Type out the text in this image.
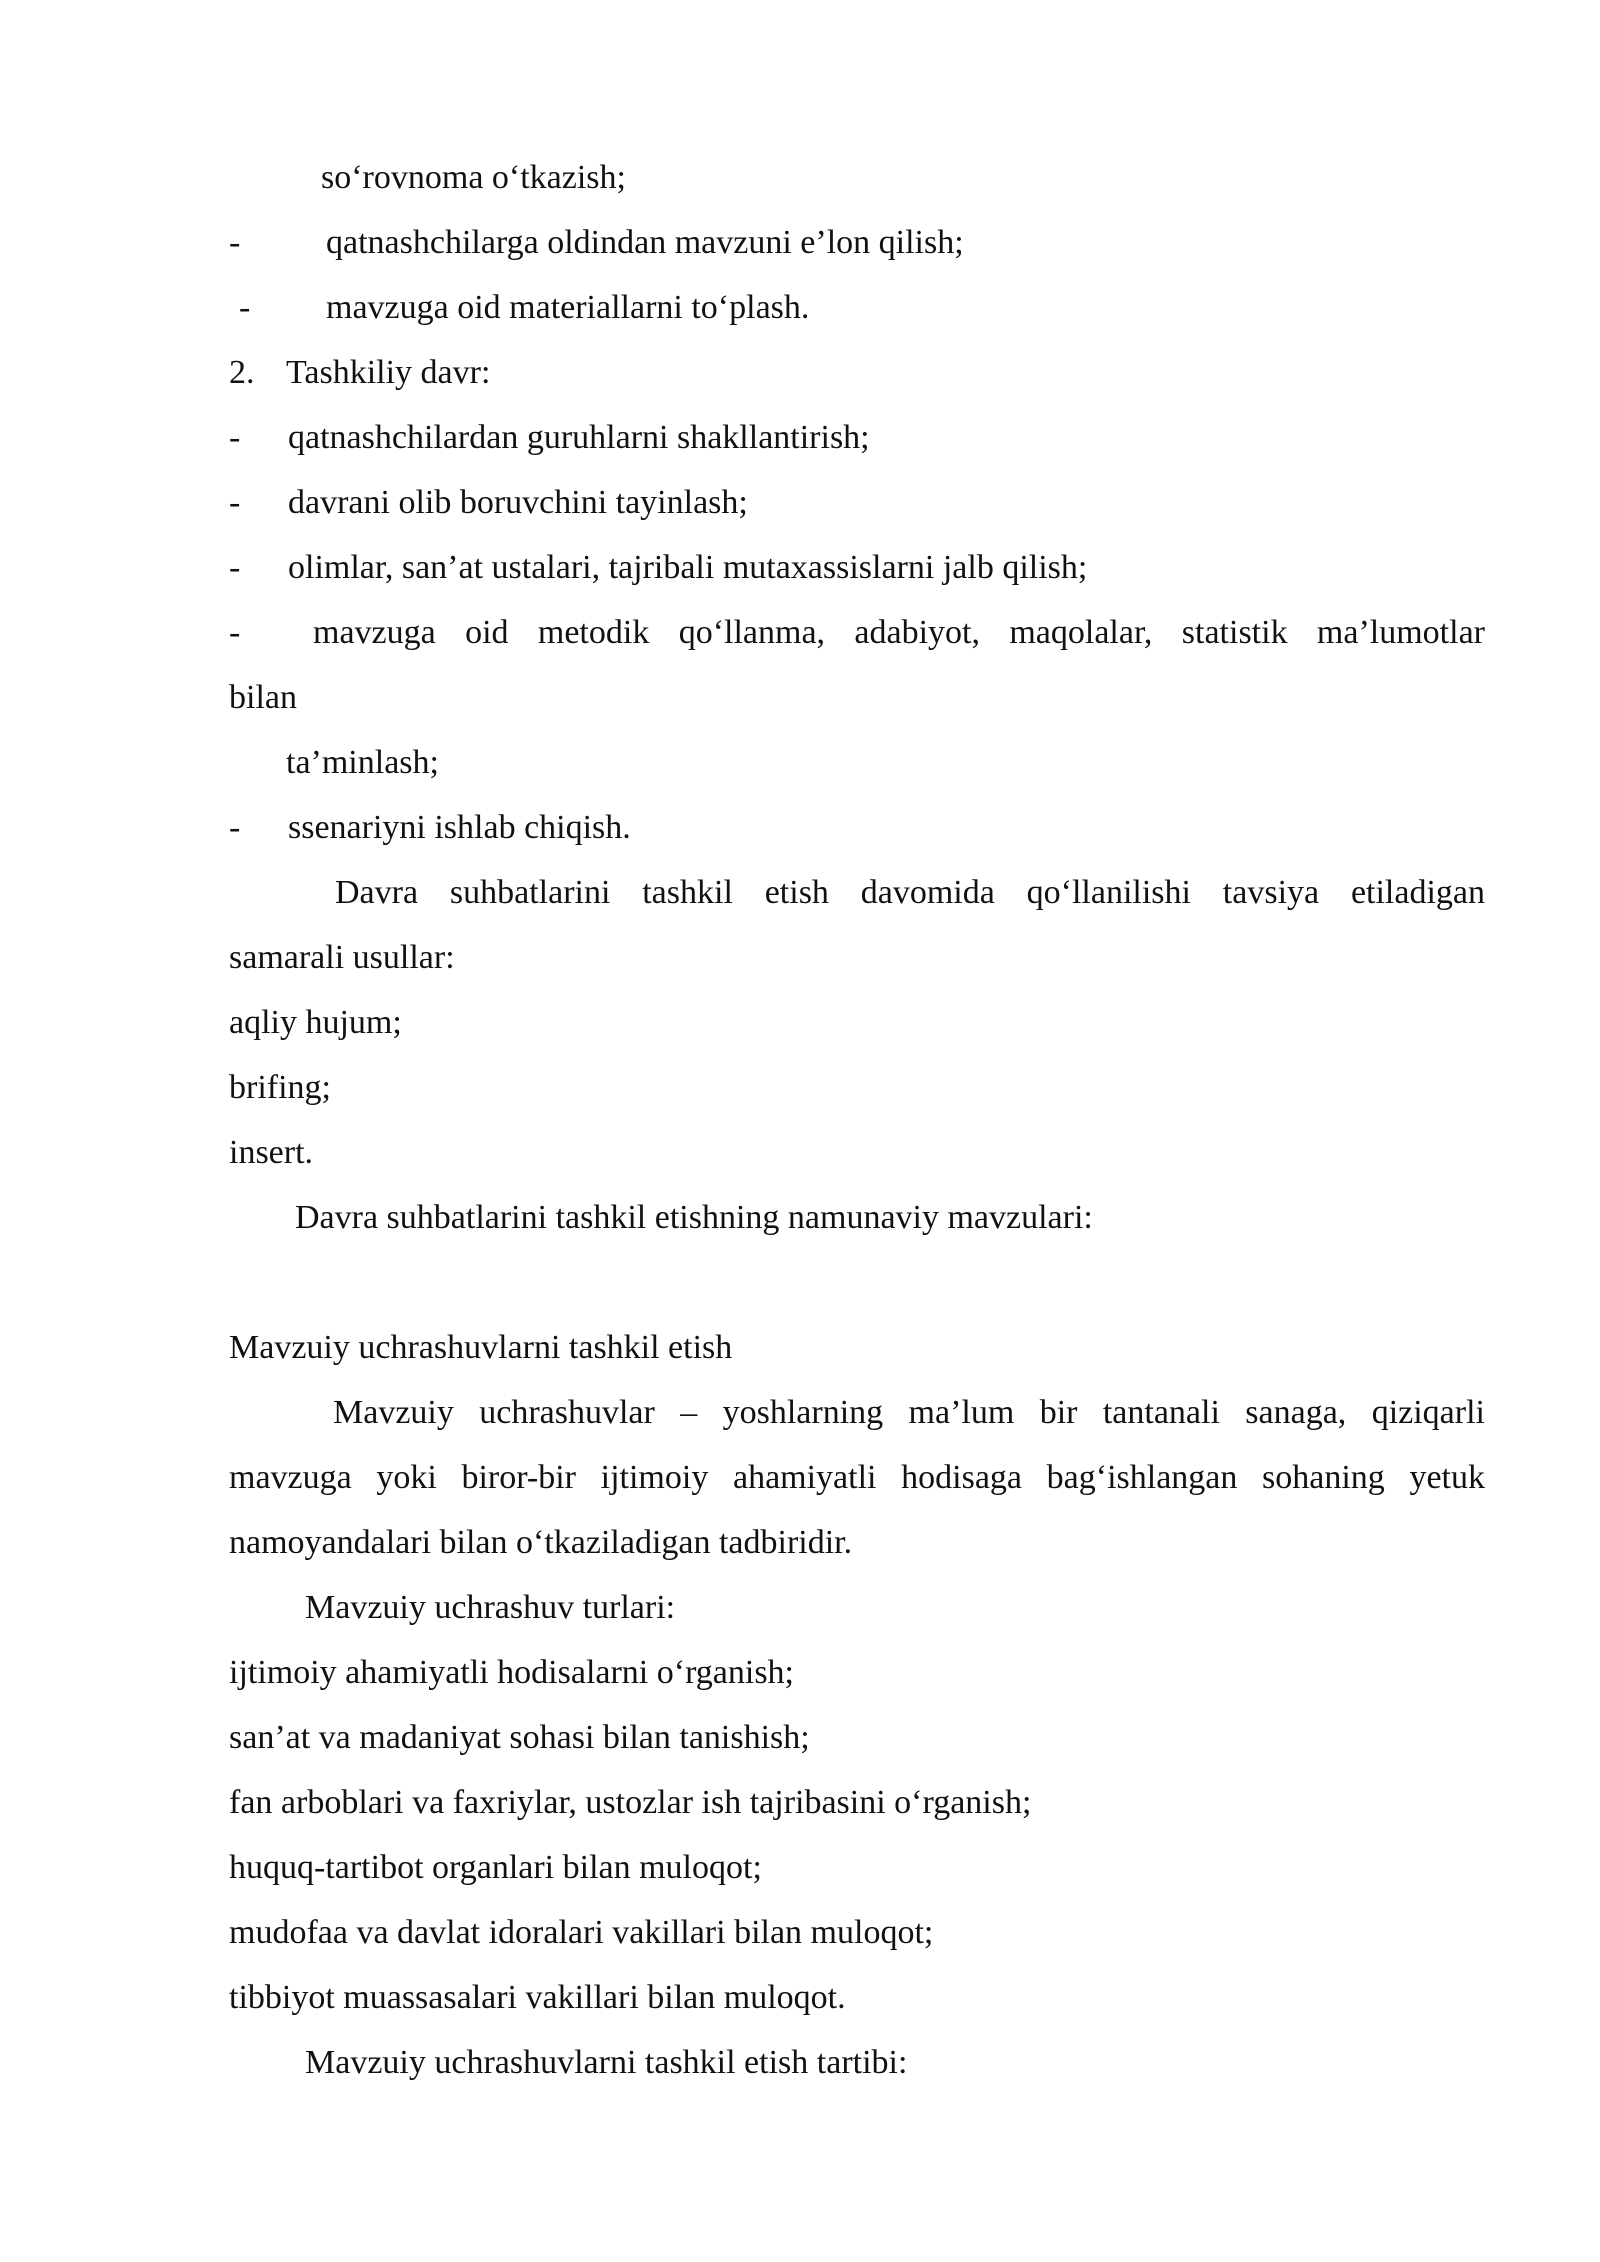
so‘rovnoma o‘tkazish;
-	qatnashchilarga oldindan mavzuni e’lon qilish;
- mavzuga oid materiallarni to‘plash.
2. Tashkiliy davr:
- qatnashchilardan guruhlarni shakllantirish;
- davrani olib boruvchini tayinlash;
- olimlar, san’at ustalari, tajribali mutaxassislarni jalb qilish;
-	mavzuga oid metodik qo‘llanma, adabiyot, maqolalar, statistik ma’lumotlar
bilan
ta’minlash;
- ssenariyni ishlab chiqish.
Davra suhbatlarini tashkil etish davomida qo‘llanilishi tavsiya etiladigan
samarali usullar:
aqliy hujum;
brifing;
insert.
Davra suhbatlarini tashkil etishning namunaviy mavzulari:
Mavzuiy uchrashuvlarni tashkil etish
Mavzuiy uchrashuvlar – yoshlarning ma’lum bir tantanali sanaga, qiziqarli
mavzuga yoki biror-bir ijtimoiy ahamiyatli hodisaga bag‘ishlangan sohaning yetuk
namoyandalari bilan o‘tkaziladigan tadbiridir.
Mavzuiy uchrashuv turlari:
ijtimoiy ahamiyatli hodisalarni o‘rganish;
san’at va madaniyat sohasi bilan tanishish;
fan arboblari va faxriylar, ustozlar ish tajribasini o‘rganish;
huquq-tartibot organlari bilan muloqot;
mudofaa va davlat idoralari vakillari bilan muloqot;
tibbiyot muassasalari vakillari bilan muloqot.
Mavzuiy uchrashuvlarni tashkil etish tartibi:
